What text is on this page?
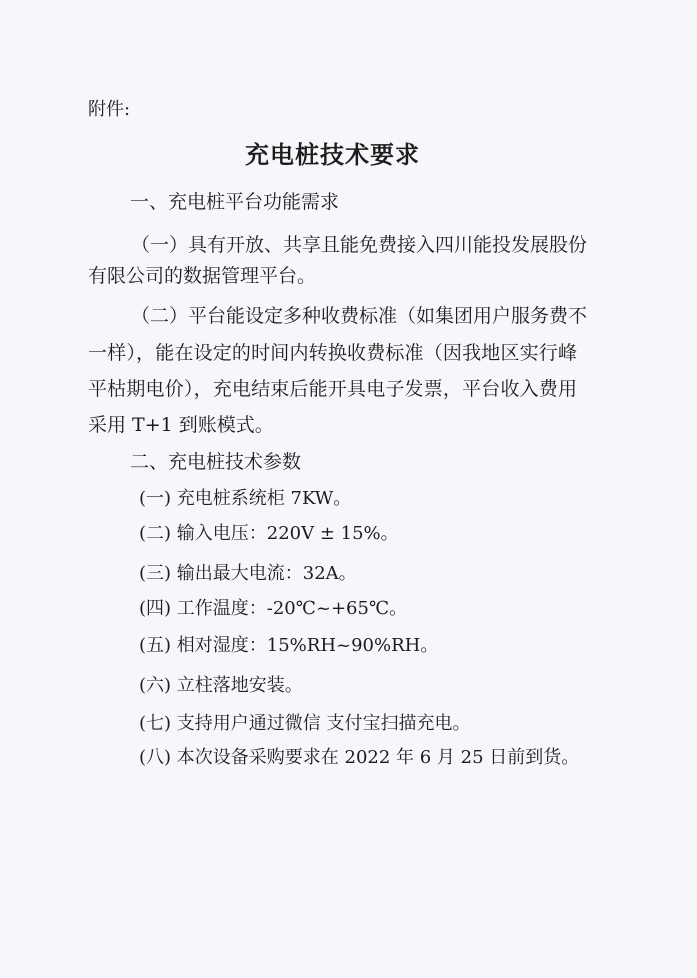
附件:
充电桩技术要求
一、充电桩平台功能需求
（一）具有开放、共享且能免费接入四川能投发展股份
有限公司的数据管理平台。
（二）平台能设定多种收费标准（如集团用户服务费不
一样），能在设定的时间内转换收费标准（因我地区实行峰
平枯期电价），充电结束后能开具电子发票，平台收入费用
采用 T+1 到账模式。
二、充电桩技术参数
(一) 充电桩系统柜 7KW。
(二) 输入电压：220V ± 15%。
(三) 输出最大电流：32A。
(四) 工作温度：-20℃~+65℃。
(五) 相对湿度：15%RH~90%RH。
(六) 立柱落地安装。
(七) 支持用户通过微信 支付宝扫描充电。
(八) 本次设备采购要求在 2022 年 6 月 25 日前到货。
